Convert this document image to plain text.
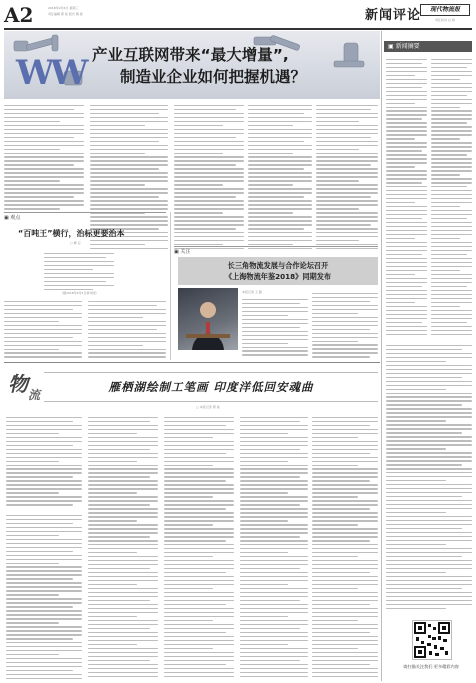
A2	2018年9月6日 星期三
责任编辑 郭 星 版式 陶 春	新闻评论	现代物流报
责任校对 白 艳
WW 产业互联网带来“最大增量”,
制造业企业如何把握机遇？
▣ 新闻摘要
▣ 观点
“百吨王”横行，治标更要治本
□ 柳 应
（据2018年9月5日新华网）
▣ 关注
长三角物流发展与合作论坛召开
《上海物流年鉴2018》同期发布
本报记者 王 路
物 流
雁栖湖绘制工笔画 印度洋低回安魂曲
□ 本报记者 郭 星
请扫描关注我们 更多精彩内容
